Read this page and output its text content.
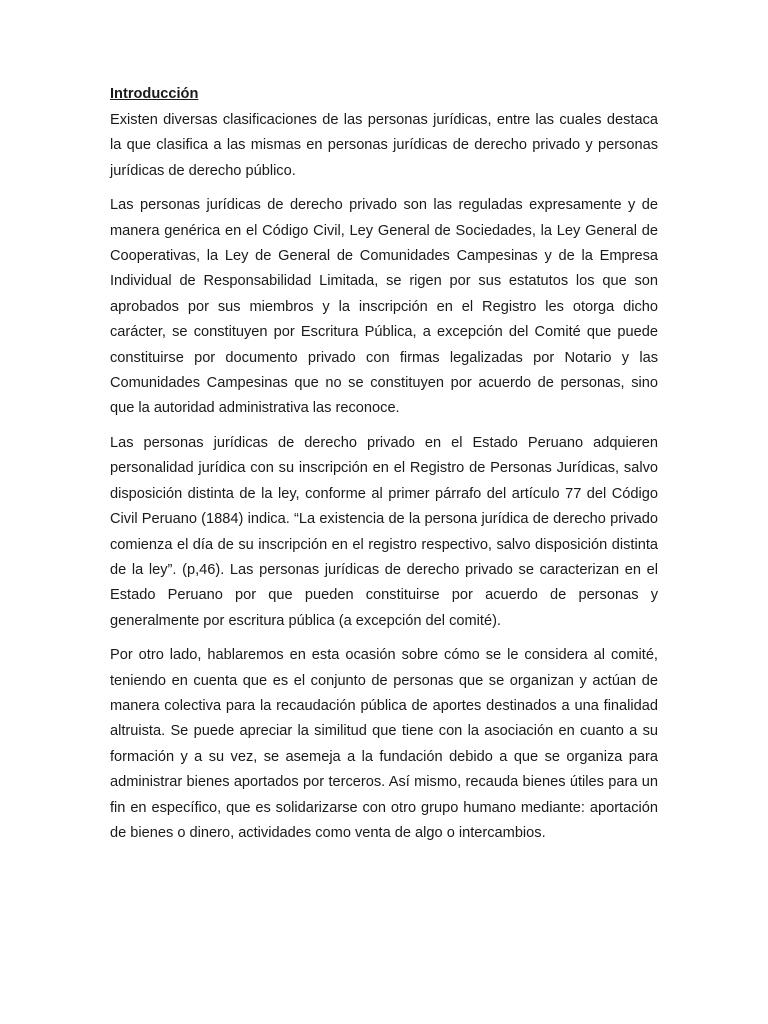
Introducción

Existen diversas clasificaciones de las personas jurídicas, entre las cuales destaca la que clasifica a las mismas en personas jurídicas de derecho privado y personas jurídicas de derecho público.

Las personas jurídicas de derecho privado son las reguladas expresamente y de manera genérica en el Código Civil, Ley General de Sociedades, la Ley General de Cooperativas, la Ley de General de Comunidades Campesinas y de la Empresa Individual de Responsabilidad Limitada, se rigen por sus estatutos los que son aprobados por sus miembros y la inscripción en el Registro les otorga dicho carácter, se constituyen por Escritura Pública, a excepción del Comité que puede constituirse por documento privado con firmas legalizadas por Notario y las Comunidades Campesinas que no se constituyen por acuerdo de personas, sino que la autoridad administrativa las reconoce.

Las personas jurídicas de derecho privado en el Estado Peruano adquieren personalidad jurídica con su inscripción en el Registro de Personas Jurídicas, salvo disposición distinta de la ley, conforme al primer párrafo del artículo 77 del Código Civil Peruano (1884) indica. “La existencia de la persona jurídica de derecho privado comienza el día de su inscripción en el registro respectivo, salvo disposición distinta de la ley”. (p,46). Las personas jurídicas de derecho privado se caracterizan en el Estado Peruano por que pueden constituirse por acuerdo de personas y generalmente por escritura pública (a excepción del comité).

Por otro lado, hablaremos en esta ocasión sobre cómo se le considera al comité, teniendo en cuenta que es el conjunto de personas que se organizan y actúan de manera colectiva para la recaudación pública de aportes destinados a una finalidad altruista. Se puede apreciar la similitud que tiene con la asociación en cuanto a su formación y a su vez, se asemeja a la fundación debido a que se organiza para administrar bienes aportados por terceros. Así mismo, recauda bienes útiles para un fin en específico, que es solidarizarse con otro grupo humano mediante: aportación de bienes o dinero, actividades como venta de algo o intercambios.
